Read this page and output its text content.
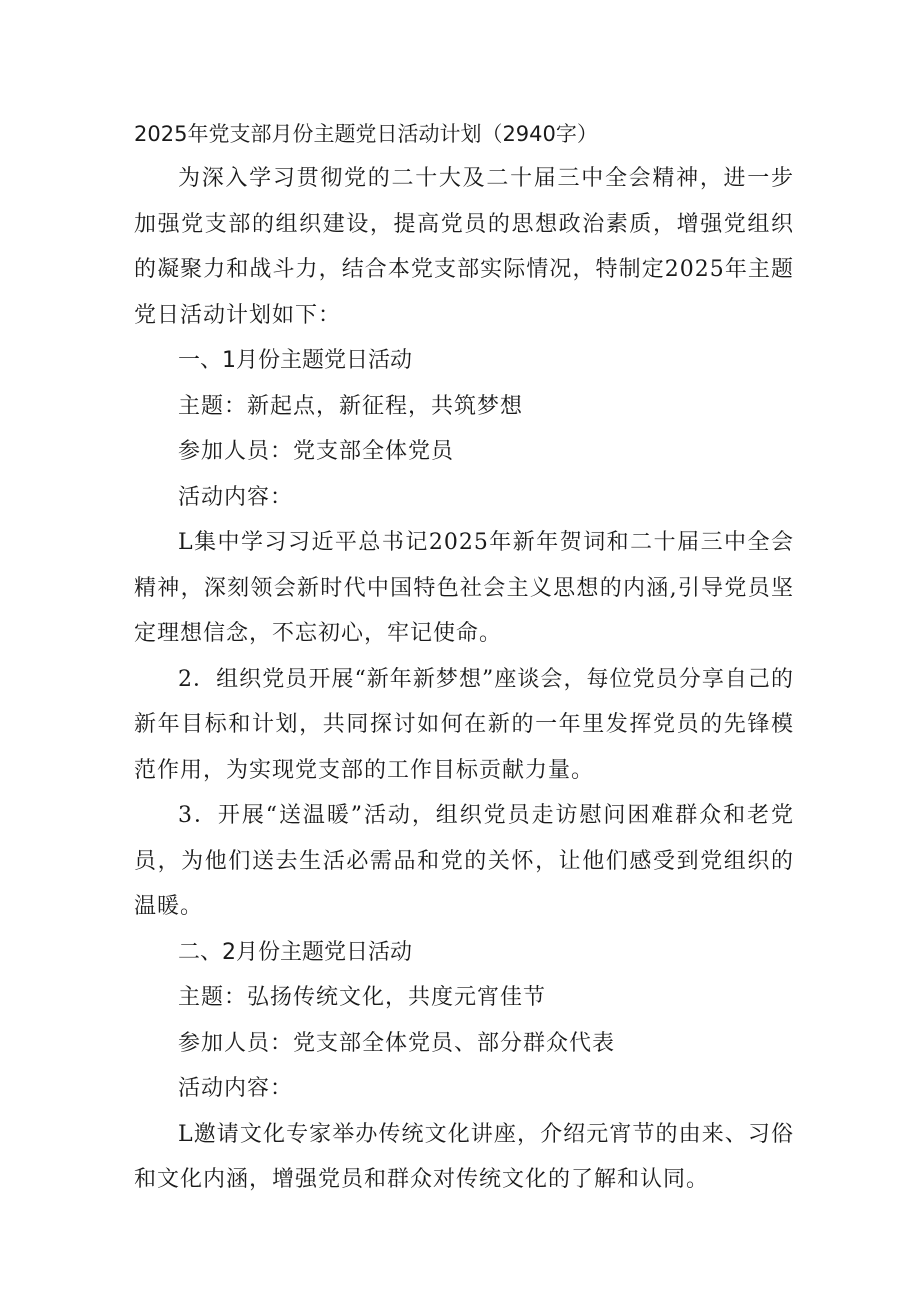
2025年党支部月份主题党日活动计划（2940字）

为深入学习贯彻党的二十大及二十届三中全会精神，进一步加强党支部的组织建设，提高党员的思想政治素质，增强党组织的凝聚力和战斗力，结合本党支部实际情况，特制定2025年主题党日活动计划如下：

一、1月份主题党日活动

主题：新起点，新征程，共筑梦想

参加人员：党支部全体党员

活动内容：

L集中学习习近平总书记2025年新年贺词和二十届三中全会精神，深刻领会新时代中国特色社会主义思想的内涵,引导党员坚定理想信念，不忘初心，牢记使命。

2．组织党员开展“新年新梦想”座谈会，每位党员分享自己的新年目标和计划，共同探讨如何在新的一年里发挥党员的先锋模范作用，为实现党支部的工作目标贡献力量。

3．开展“送温暖”活动，组织党员走访慰问困难群众和老党员，为他们送去生活必需品和党的关怀，让他们感受到党组织的温暖。

二、2月份主题党日活动

主题：弘扬传统文化，共度元宵佳节

参加人员：党支部全体党员、部分群众代表

活动内容：

L邀请文化专家举办传统文化讲座，介绍元宵节的由来、习俗和文化内涵，增强党员和群众对传统文化的了解和认同。
